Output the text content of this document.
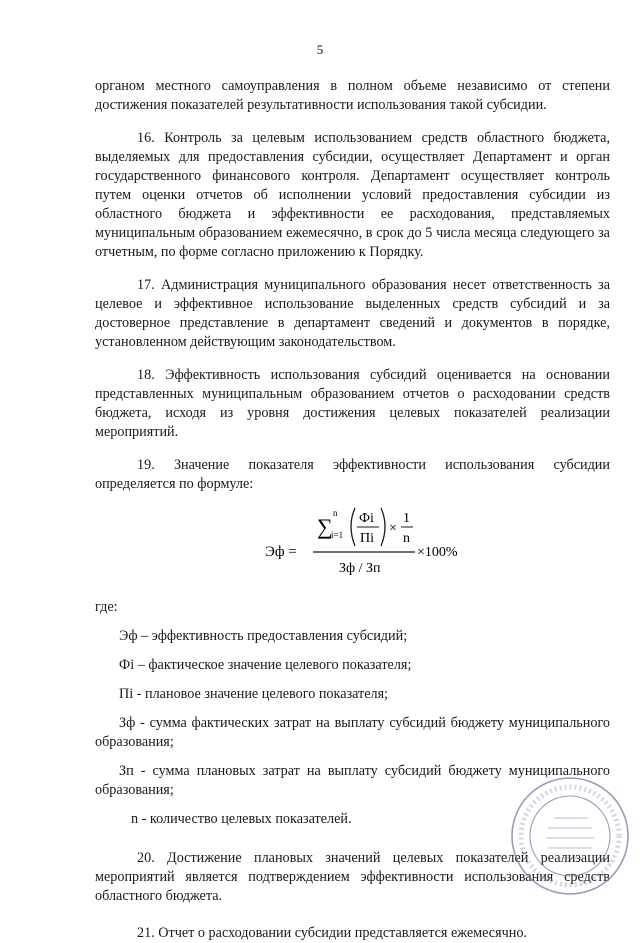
5

органом местного самоуправления в полном объеме независимо от степени достижения показателей результативности использования такой субсидии.

16. Контроль за целевым использованием средств областного бюджета, выделяемых для предоставления субсидии, осуществляет Департамент и орган государственного финансового контроля. Департамент осуществляет контроль путем оценки отчетов об исполнении условий предоставления субсидии из областного бюджета и эффективности ее расходования, представляемых муниципальным образованием ежемесячно, в срок до 5 числа месяца следующего за отчетным, по форме согласно приложению к Порядку.

17. Администрация муниципального образования несет ответственность за целевое и эффективное использование выделенных средств субсидий и за достоверное представление в департамент сведений и документов в порядке, установленном действующим законодательством.

18. Эффективность использования субсидий оценивается на основании представленных муниципальным образованием отчетов о расходовании средств бюджета, исходя из уровня достижения целевых показателей реализации мероприятий.

19. Значение показателя эффективности использования субсидии определяется по формуле:

Эф =
∑
n
i=1
Фi
Пi
×
1
n
Зф / Зп
×100%

где:

Эф – эффективность предоставления субсидий;

Фi – фактическое значение целевого показателя;

Пi - плановое значение целевого показателя;

Зф - сумма фактических затрат на выплату субсидий бюджету муниципального образования;

Зп - сумма плановых затрат на выплату субсидий бюджету муниципального образования;

n - количество целевых показателей.

20. Достижение плановых значений целевых показателей реализации мероприятий является подтверждением эффективности использования средств областного бюджета.

21. Отчет о расходовании субсидии представляется ежемесячно.
